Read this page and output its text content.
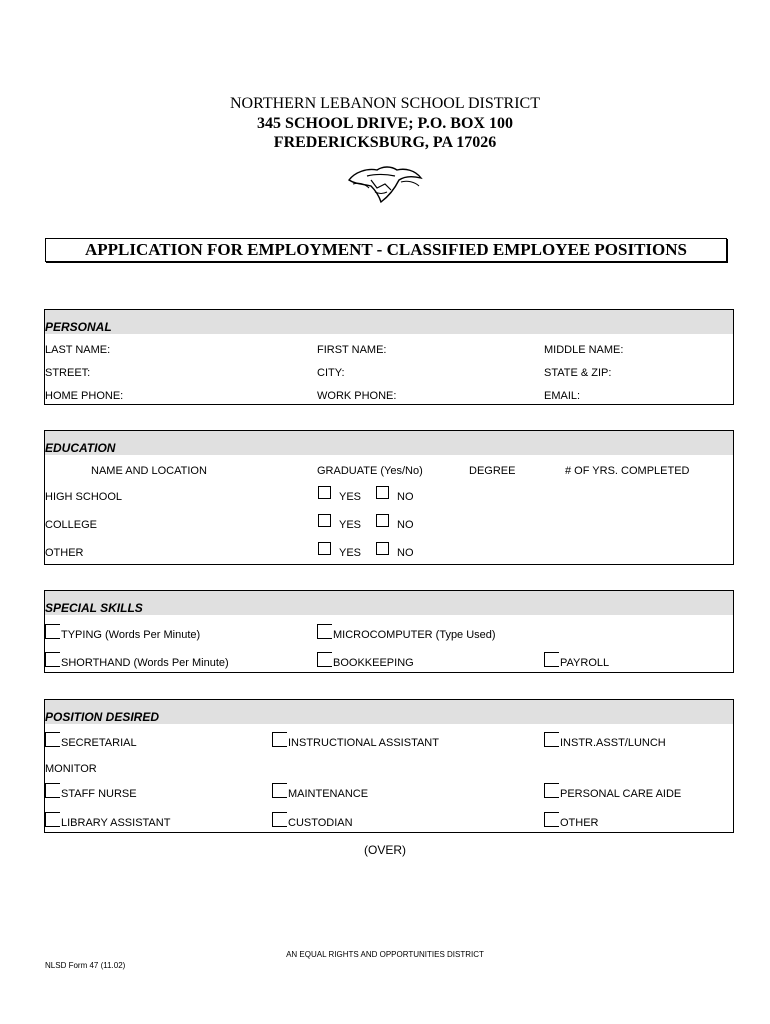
NORTHERN LEBANON SCHOOL DISTRICT
345 SCHOOL DRIVE; P.O. BOX 100
FREDERICKSBURG, PA 17026
APPLICATION FOR EMPLOYMENT - CLASSIFIED EMPLOYEE POSITIONS
PERSONAL
LAST NAME:	FIRST NAME:	MIDDLE NAME:
STREET:	CITY:	STATE & ZIP:
HOME PHONE:	WORK PHONE:	EMAIL:
EDUCATION
NAME AND LOCATION	GRADUATE (Yes/No)	DEGREE	# OF YRS. COMPLETED
HIGH SCHOOL	YES	NO
COLLEGE	YES	NO
OTHER	YES	NO
SPECIAL SKILLS
TYPING (Words Per Minute)	MICROCOMPUTER (Type Used)
SHORTHAND (Words Per Minute)	BOOKKEEPING	PAYROLL
POSITION DESIRED
SECRETARIAL	INSTRUCTIONAL ASSISTANT	INSTR.ASST/LUNCH
MONITOR
STAFF NURSE	MAINTENANCE	PERSONAL CARE AIDE
LIBRARY ASSISTANT	CUSTODIAN	OTHER
(OVER)
AN EQUAL RIGHTS AND OPPORTUNITIES DISTRICT
NLSD Form 47 (11.02)
